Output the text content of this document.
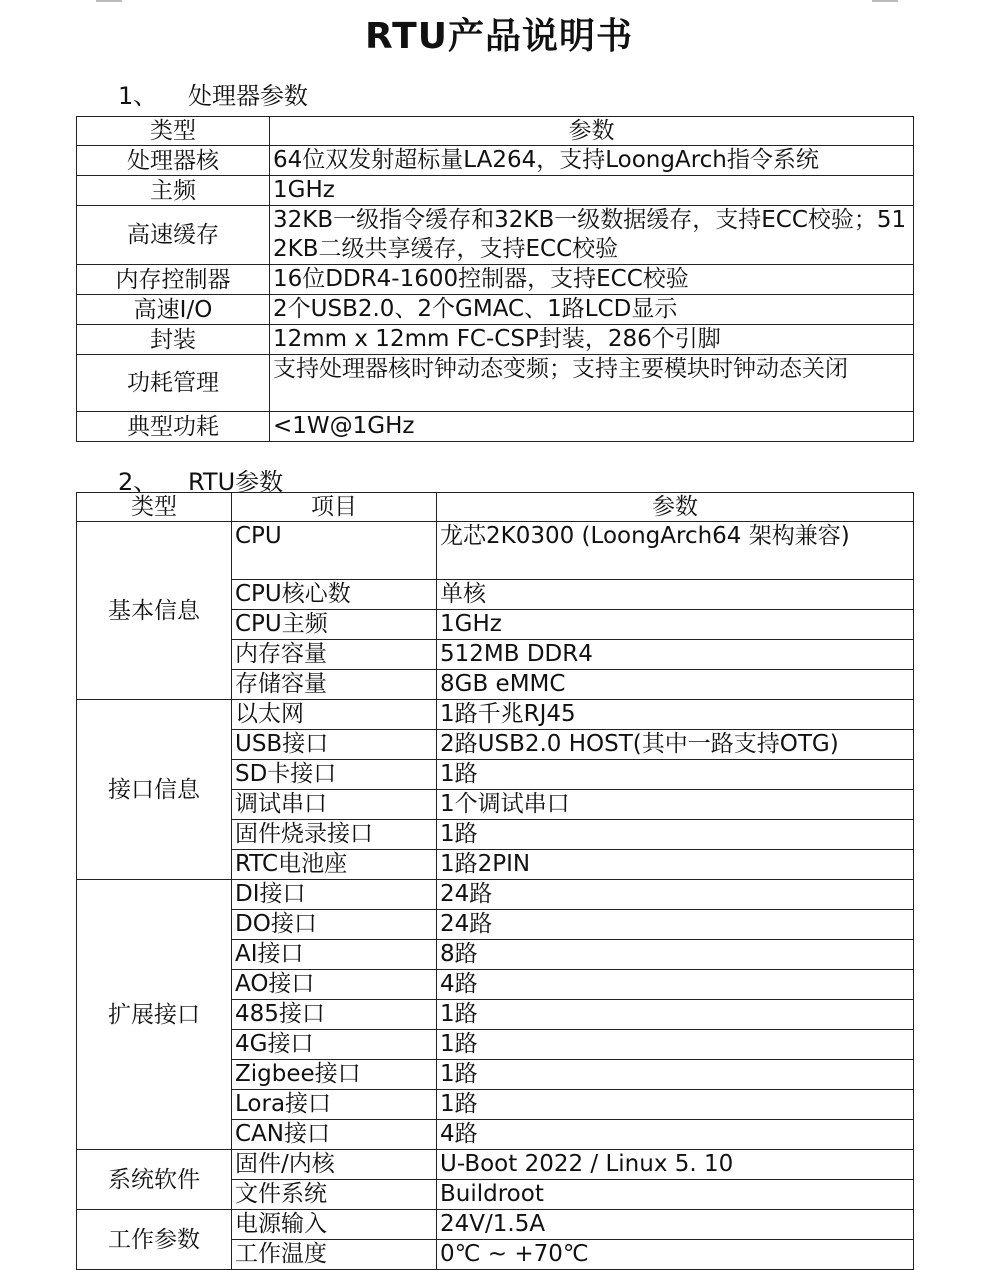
RTU产品说明书
1、 处理器参数
类型	参数
处理器核	64位双发射超标量LA264，支持LoongArch指令系统
主频	1GHz
高速缓存	32KB一级指令缓存和32KB一级数据缓存，支持ECC校验；512KB二级共享缓存，支持ECC校验
内存控制器	16位DDR4-1600控制器，支持ECC校验
高速I/O	2个USB2.0、2个GMAC、1路LCD显示
封装	12mm x 12mm FC-CSP封装，286个引脚
功耗管理	支持处理器核时钟动态变频；支持主要模块时钟动态关闭
典型功耗	<1W@1GHz
2、 RTU参数
类型	项目	参数
基本信息	CPU	龙芯2K0300 (LoongArch64 架构兼容)
	CPU核心数	单核
	CPU主频	1GHz
	内存容量	512MB DDR4
	存储容量	8GB eMMC
接口信息	以太网	1路千兆RJ45
	USB接口	2路USB2.0 HOST(其中一路支持OTG)
	SD卡接口	1路
	调试串口	1个调试串口
	固件烧录接口	1路
	RTC电池座	1路2PIN
扩展接口	DI接口	24路
	DO接口	24路
	AI接口	8路
	AO接口	4路
	485接口	1路
	4G接口	1路
	Zigbee接口	1路
	Lora接口	1路
	CAN接口	4路
系统软件	固件/内核	U-Boot 2022 / Linux 5. 10
	文件系统	Buildroot
工作参数	电源输入	24V/1.5A
	工作温度	0℃ ~ +70℃
